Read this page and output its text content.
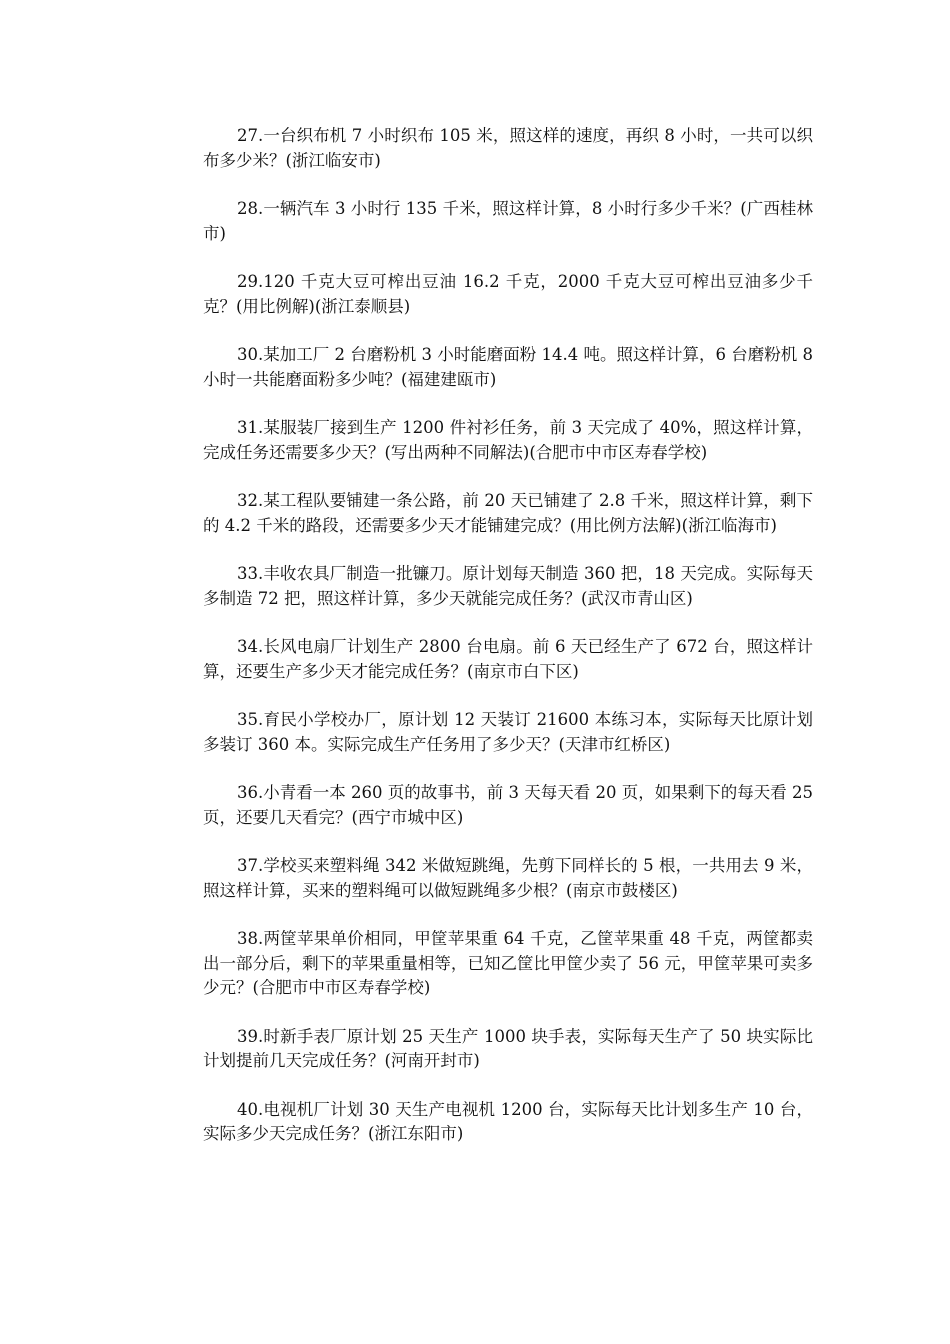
27.一台织布机 7 小时织布 105 米，照这样的速度，再织 8 小时，一共可以织布多少米？(浙江临安市)

28.一辆汽车 3 小时行 135 千米，照这样计算，8 小时行多少千米？(广西桂林市)

29.120 千克大豆可榨出豆油 16.2 千克，2000 千克大豆可榨出豆油多少千克？(用比例解)(浙江泰顺县)

30.某加工厂 2 台磨粉机 3 小时能磨面粉 14.4 吨。照这样计算，6 台磨粉机 8 小时一共能磨面粉多少吨？(福建建瓯市)

31.某服装厂接到生产 1200 件衬衫任务，前 3 天完成了 40%，照这样计算，完成任务还需要多少天？(写出两种不同解法)(合肥市中市区寿春学校)

32.某工程队要铺建一条公路，前 20 天已铺建了 2.8 千米，照这样计算，剩下的 4.2 千米的路段，还需要多少天才能铺建完成？(用比例方法解)(浙江临海市)

33.丰收农具厂制造一批镰刀。原计划每天制造 360 把，18 天完成。实际每天多制造 72 把，照这样计算，多少天就能完成任务？(武汉市青山区)

34.长风电扇厂计划生产 2800 台电扇。前 6 天已经生产了 672 台，照这样计算，还要生产多少天才能完成任务？(南京市白下区)

35.育民小学校办厂，原计划 12 天装订 21600 本练习本，实际每天比原计划多装订 360 本。实际完成生产任务用了多少天？(天津市红桥区)

36.小青看一本 260 页的故事书，前 3 天每天看 20 页，如果剩下的每天看 25 页，还要几天看完？(西宁市城中区)

37.学校买来塑料绳 342 米做短跳绳，先剪下同样长的 5 根，一共用去 9 米，照这样计算，买来的塑料绳可以做短跳绳多少根？(南京市鼓楼区)

38.两筐苹果单价相同，甲筐苹果重 64 千克，乙筐苹果重 48 千克，两筐都卖出一部分后，剩下的苹果重量相等，已知乙筐比甲筐少卖了 56 元，甲筐苹果可卖多少元？(合肥市中市区寿春学校)

39.时新手表厂原计划 25 天生产 1000 块手表，实际每天生产了 50 块实际比计划提前几天完成任务？(河南开封市)

40.电视机厂计划 30 天生产电视机 1200 台，实际每天比计划多生产 10 台，实际多少天完成任务？(浙江东阳市)
